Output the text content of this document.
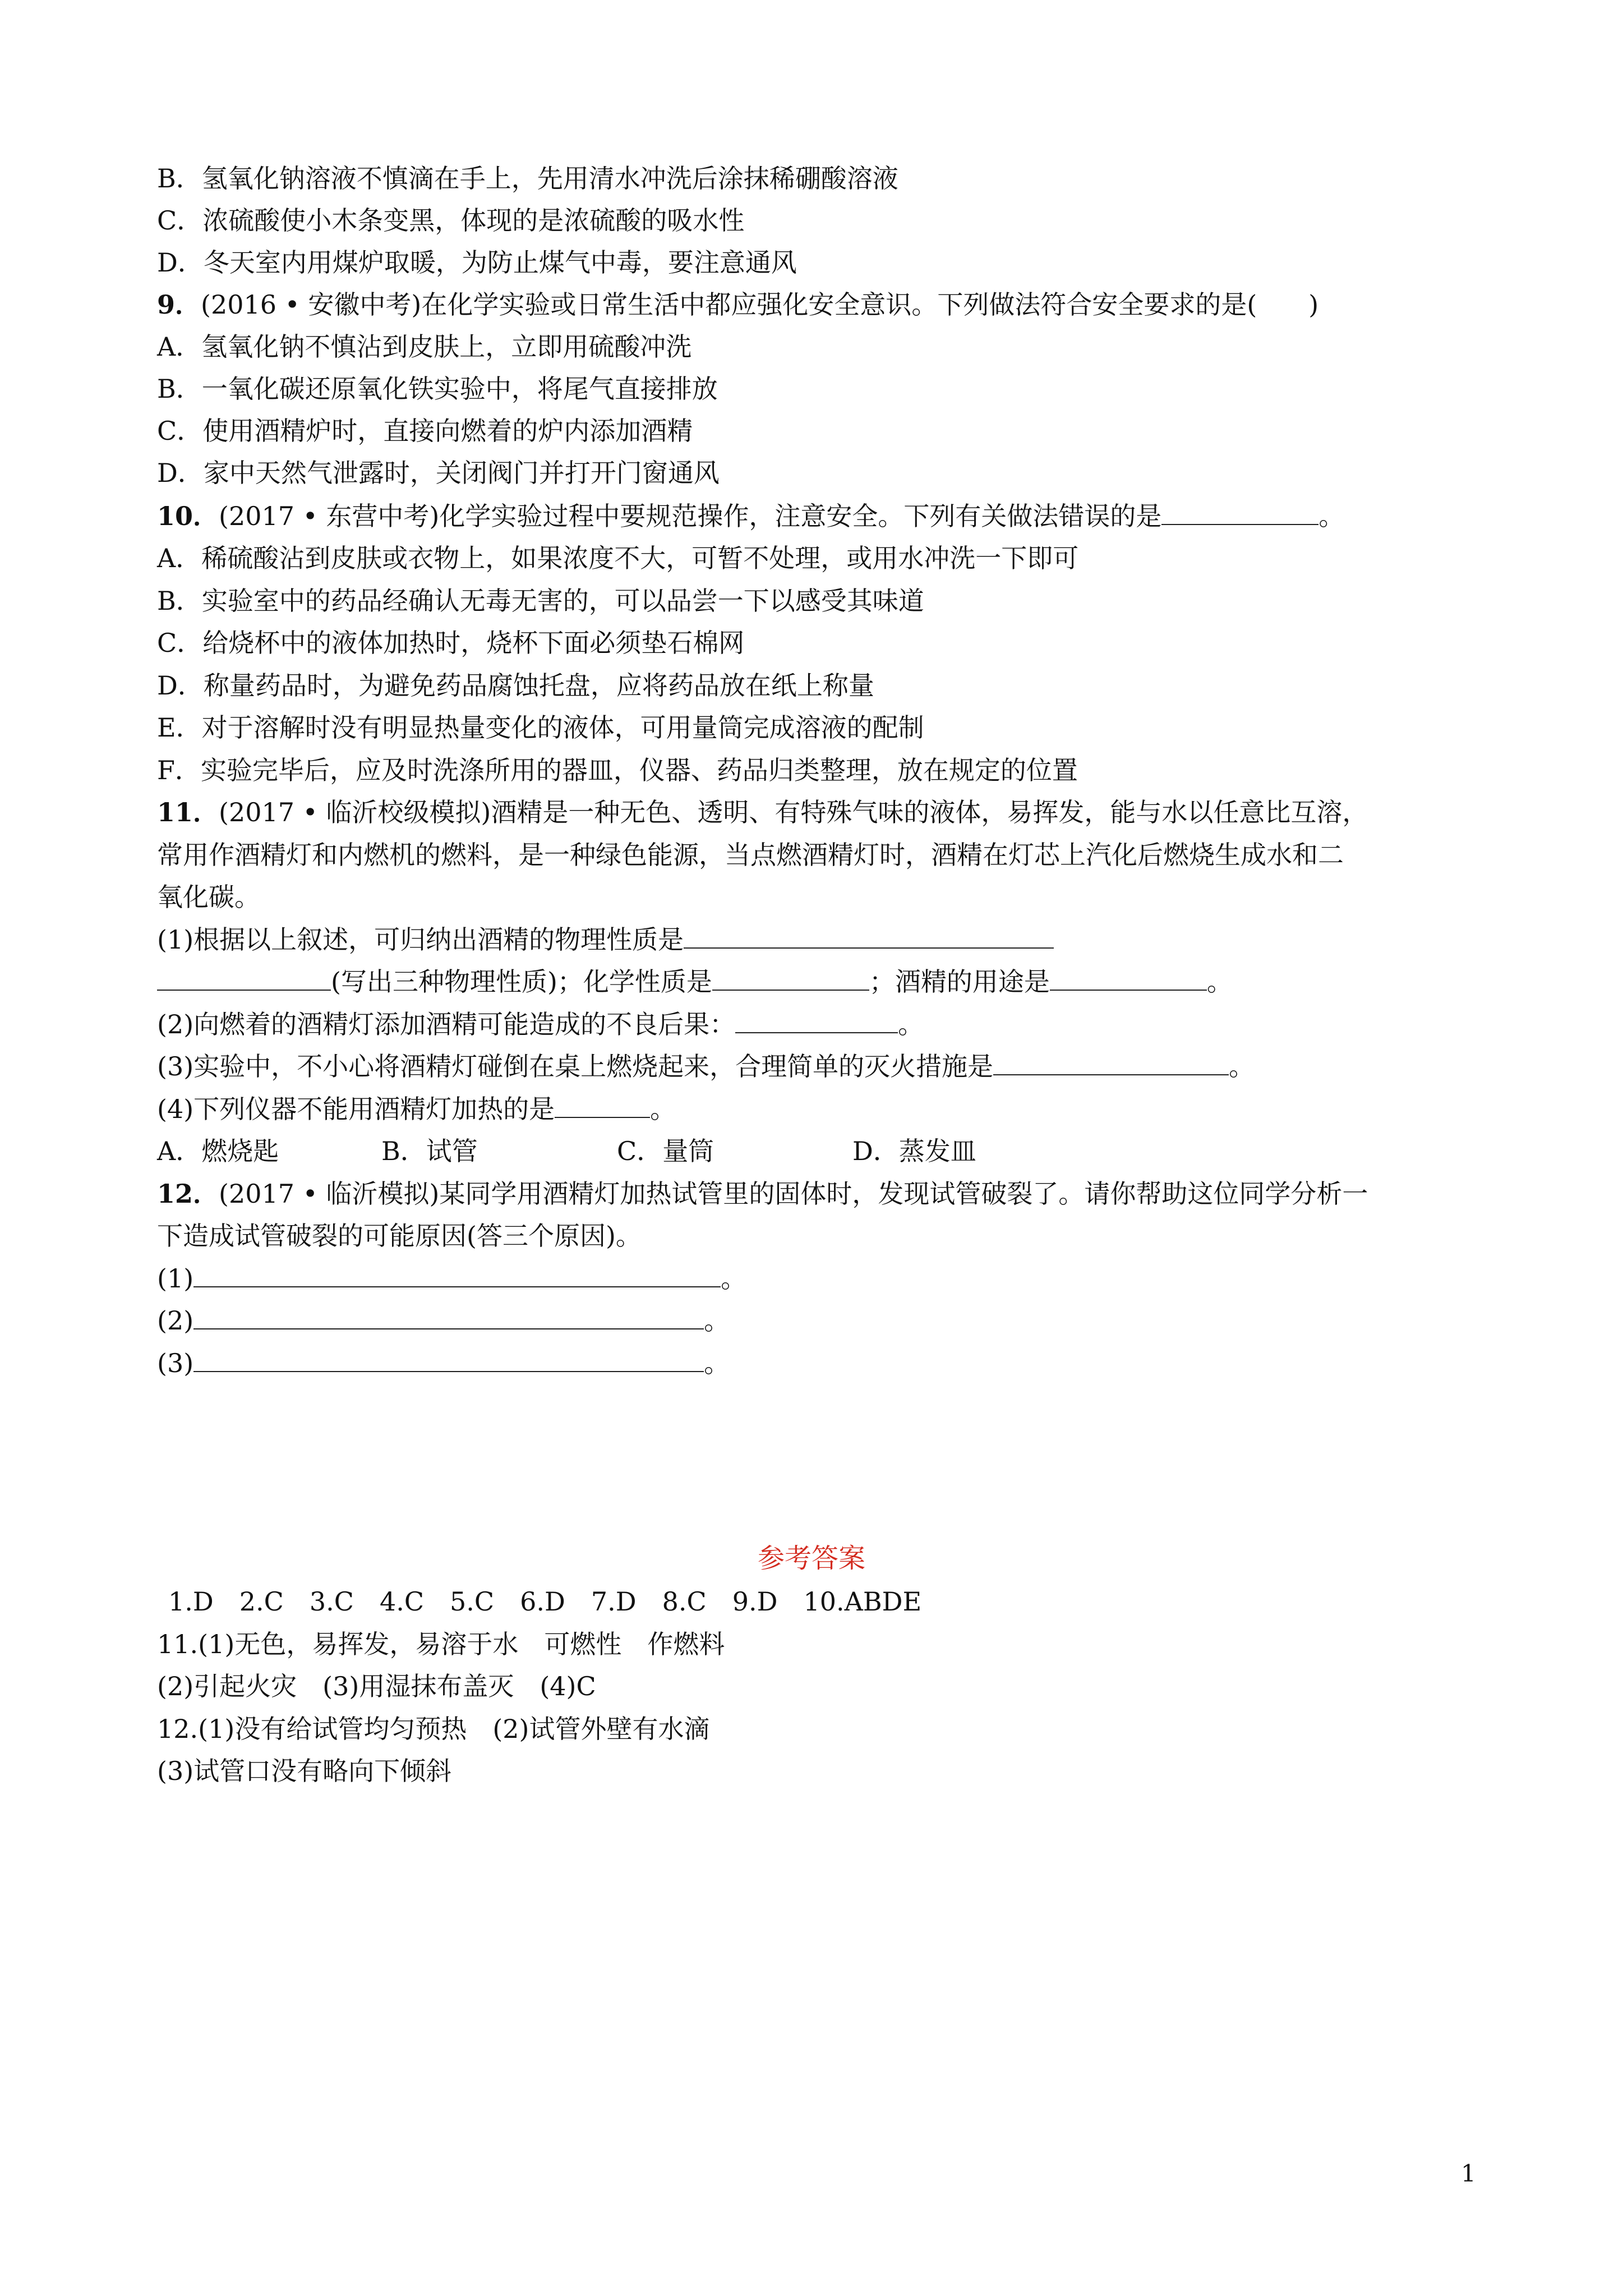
B．氢氧化钠溶液不慎滴在手上，先用清水冲洗后涂抹稀硼酸溶液
C．浓硫酸使小木条变黑，体现的是浓硫酸的吸水性
D．冬天室内用煤炉取暖，为防止煤气中毒，要注意通风
9．(2016 • 安徽中考)在化学实验或日常生活中都应强化安全意识。下列做法符合安全要求的是(　　)
A．氢氧化钠不慎沾到皮肤上，立即用硫酸冲洗
B．一氧化碳还原氧化铁实验中，将尾气直接排放
C．使用酒精炉时，直接向燃着的炉内添加酒精
D．家中天然气泄露时，关闭阀门并打开门窗通风
10．(2017 • 东营中考)化学实验过程中要规范操作，注意安全。下列有关做法错误的是	。
A．稀硫酸沾到皮肤或衣物上，如果浓度不大，可暂不处理，或用水冲洗一下即可
B．实验室中的药品经确认无毒无害的，可以品尝一下以感受其味道
C．给烧杯中的液体加热时，烧杯下面必须垫石棉网
D．称量药品时，为避免药品腐蚀托盘，应将药品放在纸上称量
E．对于溶解时没有明显热量变化的液体，可用量筒完成溶液的配制
F．实验完毕后，应及时洗涤所用的器皿，仪器、药品归类整理，放在规定的位置
11．(2017 • 临沂校级模拟)酒精是一种无色、透明、有特殊气味的液体，易挥发，能与水以任意比互溶，
常用作酒精灯和内燃机的燃料，是一种绿色能源，当点燃酒精灯时，酒精在灯芯上汽化后燃烧生成水和二
氧化碳。
(1)根据以上叙述，可归纳出酒精的物理性质是
(写出三种物理性质)；化学性质是	；酒精的用途是	。
(2)向燃着的酒精灯添加酒精可能造成的不良后果：	。
(3)实验中，不小心将酒精灯碰倒在桌上燃烧起来，合理简单的灭火措施是	。
(4)下列仪器不能用酒精灯加热的是	。
A．燃烧匙	B．试管	C．量筒	D．蒸发皿
12．(2017 • 临沂模拟)某同学用酒精灯加热试管里的固体时，发现试管破裂了。请你帮助这位同学分析一
下造成试管破裂的可能原因(答三个原因)。
(1)	。
(2)	。
(3)	。
参考答案
1.D　2.C　3.C　4.C　5.C　6.D　7.D　8.C　9.D　10.ABDE
11.(1)无色，易挥发，易溶于水　可燃性　作燃料
(2)引起火灾　(3)用湿抹布盖灭　(4)C
12.(1)没有给试管均匀预热　(2)试管外壁有水滴
(3)试管口没有略向下倾斜
1
